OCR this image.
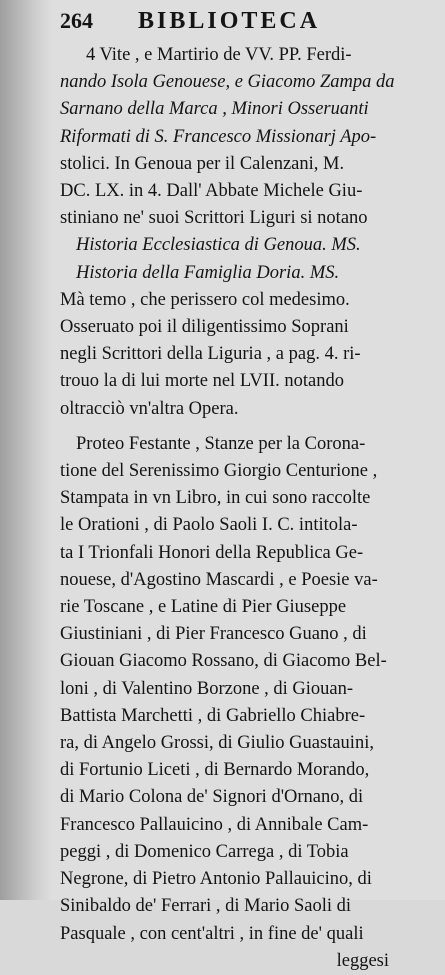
264	BIBLIOTECA

4 Vite , e Martirio de VV. PP. Ferdi-
nando Isola Genouese, e Giacomo Zampa da
Sarnano della Marca , Minori Osseruanti
Riformati di S. Francesco Missionarj Apo-
stolici. In Genoua per il Calenzani, M.
DC. LX. in 4. Dall' Abbate Michele Giu-
stiniano ne' suoi Scrittori Liguri si notano
Historia Ecclesiastica di Genoua. MS.
Historia della Famiglia Doria. MS.
Mà temo , che perissero col medesimo.
Osseruato poi il diligentissimo Soprani
negli Scrittori della Liguria , a pag. 4. ri-
trouo la di lui morte nel LVII. notando
oltracciò vn'altra Opera.

Proteo Festante , Stanze per la Corona-
tione del Serenissimo Giorgio Centurione ,
Stampata in vn Libro, in cui sono raccolte
le Orationi , di Paolo Saoli I. C. intitola-
ta I Trionfali Honori della Republica Ge-
nouese, d'Agostino Mascardi , e Poesie va-
rie Toscane , e Latine di Pier Giuseppe
Giustiniani , di Pier Francesco Guano , di
Giouan Giacomo Rossano, di Giacomo Bel-
loni , di Valentino Borzone , di Giouan-
Battista Marchetti , di Gabriello Chiabre-
ra, di Angelo Grossi, di Giulio Guastauini,
di Fortunio Liceti , di Bernardo Morando,
di Mario Colona de' Signori d'Ornano, di
Francesco Pallauicino , di Annibale Cam-
peggi , di Domenico Carrega , di Tobia
Negrone, di Pietro Antonio Pallauicino, di
Sinibaldo de' Ferrari , di Mario Saoli di
Pasquale , con cent'altri , in fine de' quali
leggesi
